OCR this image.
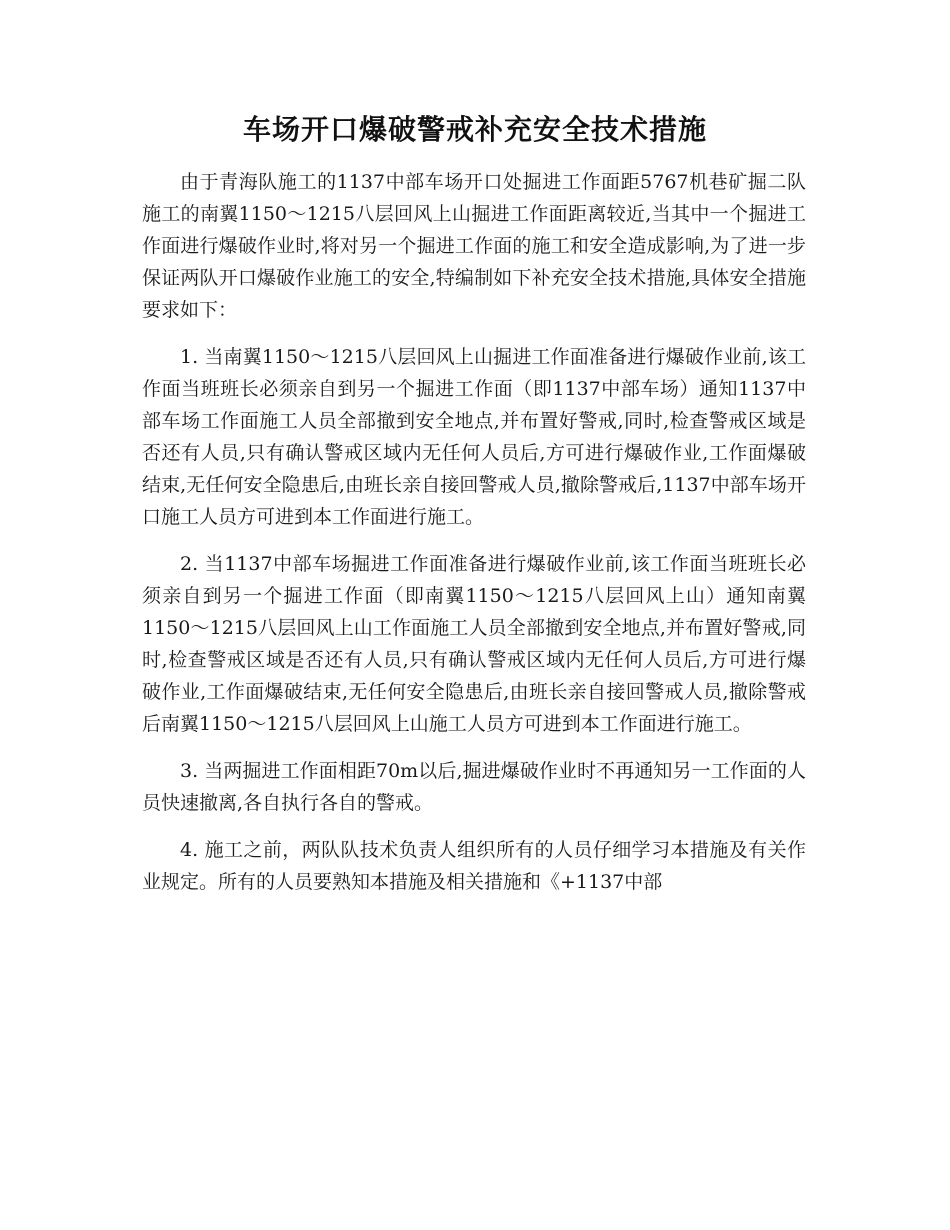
车场开口爆破警戒补充安全技术措施

由于青海队施工的1137中部车场开口处掘进工作面距5767机巷矿掘二队施工的南翼1150～1215八层回风上山掘进工作面距离较近,当其中一个掘进工作面进行爆破作业时,将对另一个掘进工作面的施工和安全造成影响,为了进一步保证两队开口爆破作业施工的安全,特编制如下补充安全技术措施,具体安全措施要求如下：

1. 当南翼1150～1215八层回风上山掘进工作面准备进行爆破作业前,该工作面当班班长必须亲自到另一个掘进工作面（即1137中部车场）通知1137中部车场工作面施工人员全部撤到安全地点,并布置好警戒,同时,检查警戒区域是否还有人员,只有确认警戒区域内无任何人员后,方可进行爆破作业,工作面爆破结束,无任何安全隐患后,由班长亲自接回警戒人员,撤除警戒后,1137中部车场开口施工人员方可进到本工作面进行施工。

2. 当1137中部车场掘进工作面准备进行爆破作业前,该工作面当班班长必须亲自到另一个掘进工作面（即南翼1150～1215八层回风上山）通知南翼1150～1215八层回风上山工作面施工人员全部撤到安全地点,并布置好警戒,同时,检查警戒区域是否还有人员,只有确认警戒区域内无任何人员后,方可进行爆破作业,工作面爆破结束,无任何安全隐患后,由班长亲自接回警戒人员,撤除警戒后南翼1150～1215八层回风上山施工人员方可进到本工作面进行施工。

3. 当两掘进工作面相距70m以后,掘进爆破作业时不再通知另一工作面的人员快速撤离,各自执行各自的警戒。

4. 施工之前，两队队技术负责人组织所有的人员仔细学习本措施及有关作业规定。所有的人员要熟知本措施及相关措施和《+1137中部
